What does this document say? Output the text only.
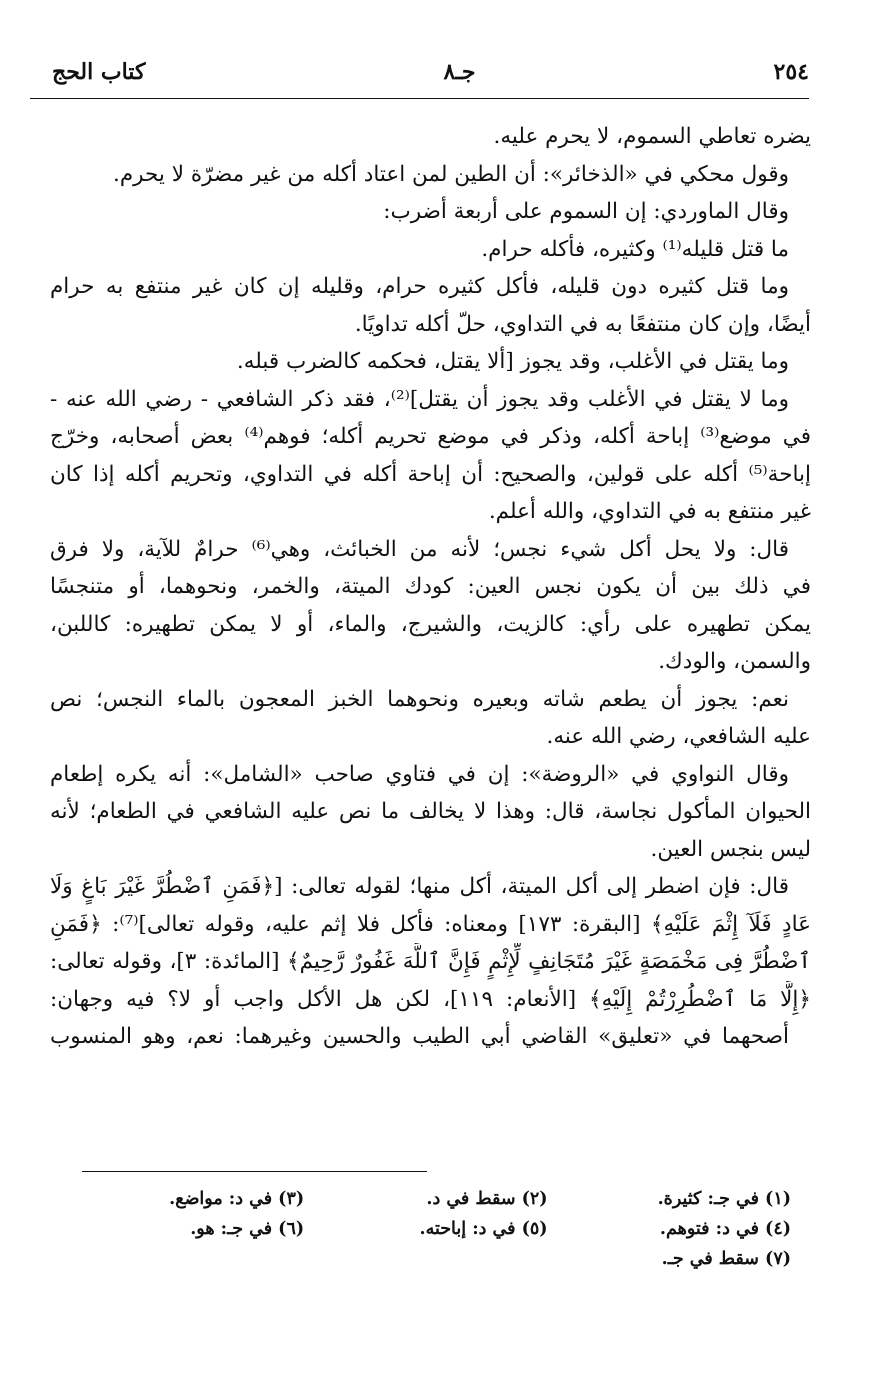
٢٥٤
جـ٨
كتاب الحج
يضره تعاطي السموم، لا يحرم عليه.
وقول محكي في «الذخائر»: أن الطين لمن اعتاد أكله من غير مضرّة لا يحرم.
وقال الماوردي: إن السموم على أربعة أضرب:
ما قتل قليله⁽¹⁾ وكثيره، فأكله حرام.
وما قتل كثيره دون قليله، فأكل كثيره حرام، وقليله إن كان غير منتفع به حرام
أيضًا، وإن كان منتفعًا به في التداوي، حلّ أكله تداويًا.
وما يقتل في الأغلب، وقد يجوز [ألا يقتل، فحكمه كالضرب قبله.
وما لا يقتل في الأغلب وقد يجوز أن يقتل]⁽²⁾، فقد ذكر الشافعي - رضي الله عنه -
في موضع⁽³⁾ إباحة أكله، وذكر في موضع تحريم أكله؛ فوهم⁽⁴⁾ بعض أصحابه، وخرّج
إباحة⁽⁵⁾ أكله على قولين، والصحيح: أن إباحة أكله في التداوي، وتحريم أكله إذا كان
غير منتفع به في التداوي، والله أعلم.
قال: ولا يحل أكل شيء نجس؛ لأنه من الخبائث، وهي⁽⁶⁾ حرامٌ للآية، ولا فرق
في ذلك بين أن يكون نجس العين: كودك الميتة، والخمر، ونحوهما، أو متنجسًا
يمكن تطهيره على رأي: كالزيت، والشيرج، والماء، أو لا يمكن تطهيره: كاللبن،
والسمن، والودك.
نعم: يجوز أن يطعم شاته وبعيره ونحوهما الخبز المعجون بالماء النجس؛ نص
عليه الشافعي، رضي الله عنه.
وقال النواوي في «الروضة»: إن في فتاوي صاحب «الشامل»: أنه يكره إطعام
الحيوان المأكول نجاسة، قال: وهذا لا يخالف ما نص عليه الشافعي في الطعام؛ لأنه
ليس بنجس العين.
قال: فإن اضطر إلى أكل الميتة، أكل منها؛ لقوله تعالى: [﴿فَمَنِ ٱضْطُرَّ غَيْرَ بَاغٍ وَلَا
عَادٍ فَلَآ إِثْمَ عَلَيْهِ﴾ [البقرة: ١٧٣] ومعناه: فأكل فلا إثم عليه، وقوله تعالى]⁽⁷⁾: ﴿فَمَنِ
ٱضْطُرَّ فِى مَخْمَصَةٍ غَيْرَ مُتَجَانِفٍ لِّإِثْمٍ فَإِنَّ ٱللَّهَ غَفُورٌ رَّحِيمٌ﴾ [المائدة: ٣]، وقوله تعالى:
﴿إِلَّا مَا ٱضْطُرِرْتُمْ إِلَيْهِ﴾ [الأنعام: ١١٩]، لكن هل الأكل واجب أو لا؟ فيه وجهان:
أصحهما في «تعليق» القاضي أبي الطيب والحسين وغيرهما: نعم، وهو المنسوب
(١) في جـ: كثيرة.
(٢) سقط في د.
(٣) في د: مواضع.
(٤) في د: فتوهم.
(٥) في د: إباحته.
(٦) في جـ: هو.
(٧) سقط في جـ.
